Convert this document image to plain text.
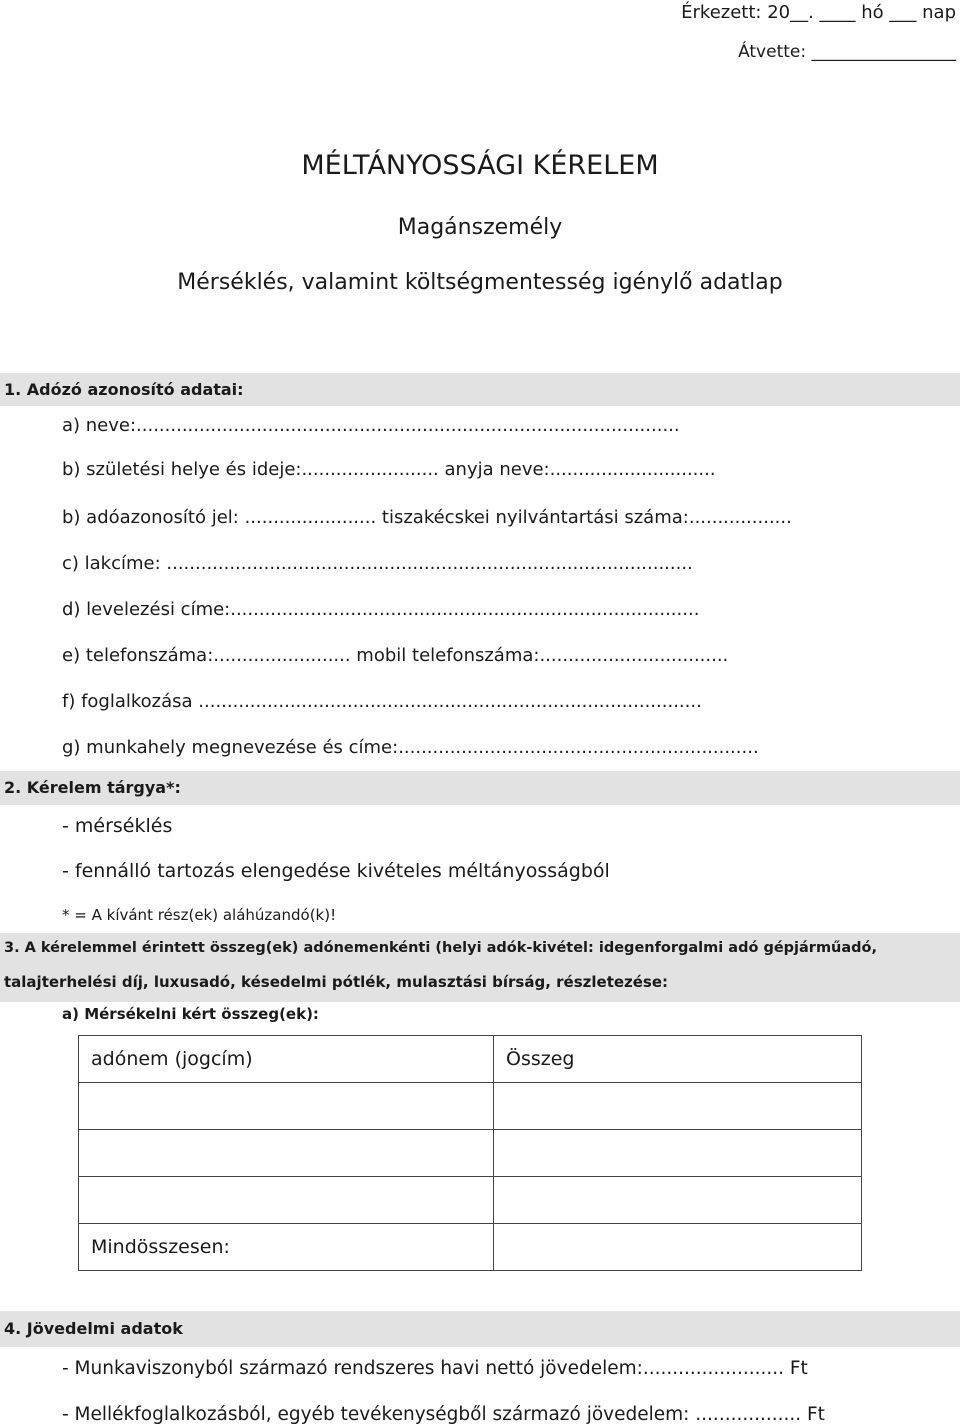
Érkezett: 20__. ____ hó ___ nap
Átvette: _________________
MÉLTÁNYOSSÁGI KÉRELEM
Magánszemély
Mérséklés, valamint költségmentesség igénylő adatlap
1. Adózó azonosító adatai:
a) neve:...............................................................................................
b) születési helye és ideje:........................ anyja neve:.............................
b) adóazonosító jel: ....................... tiszakécskei nyilvántartási száma:..................
c) lakcíme: ............................................................................................
d) levelezési címe:..................................................................................
e) telefonszáma:........................ mobil telefonszáma:.................................
f) foglalkozása ........................................................................................
g) munkahely megnevezése és címe:...............................................................
2. Kérelem tárgya*:
- mérséklés
- fennálló tartozás elengedése kivételes méltányosságból
* = A kívánt rész(ek) aláhúzandó(k)!
3. A kérelemmel érintett összeg(ek) adónemenkénti (helyi adók-kivétel: idegenforgalmi adó gépjárműadó,
talajterhelési díj, luxusadó, késedelmi pótlék, mulasztási bírság, részletezése:
a) Mérsékelni kért összeg(ek):
adónem (jogcím)	Összeg

Mindösszesen:	
4. Jövedelmi adatok
- Munkaviszonyból származó rendszeres havi nettó jövedelem:........................ Ft
- Mellékfoglalkozásból, egyéb tevékenységből származó jövedelem: .................. Ft
